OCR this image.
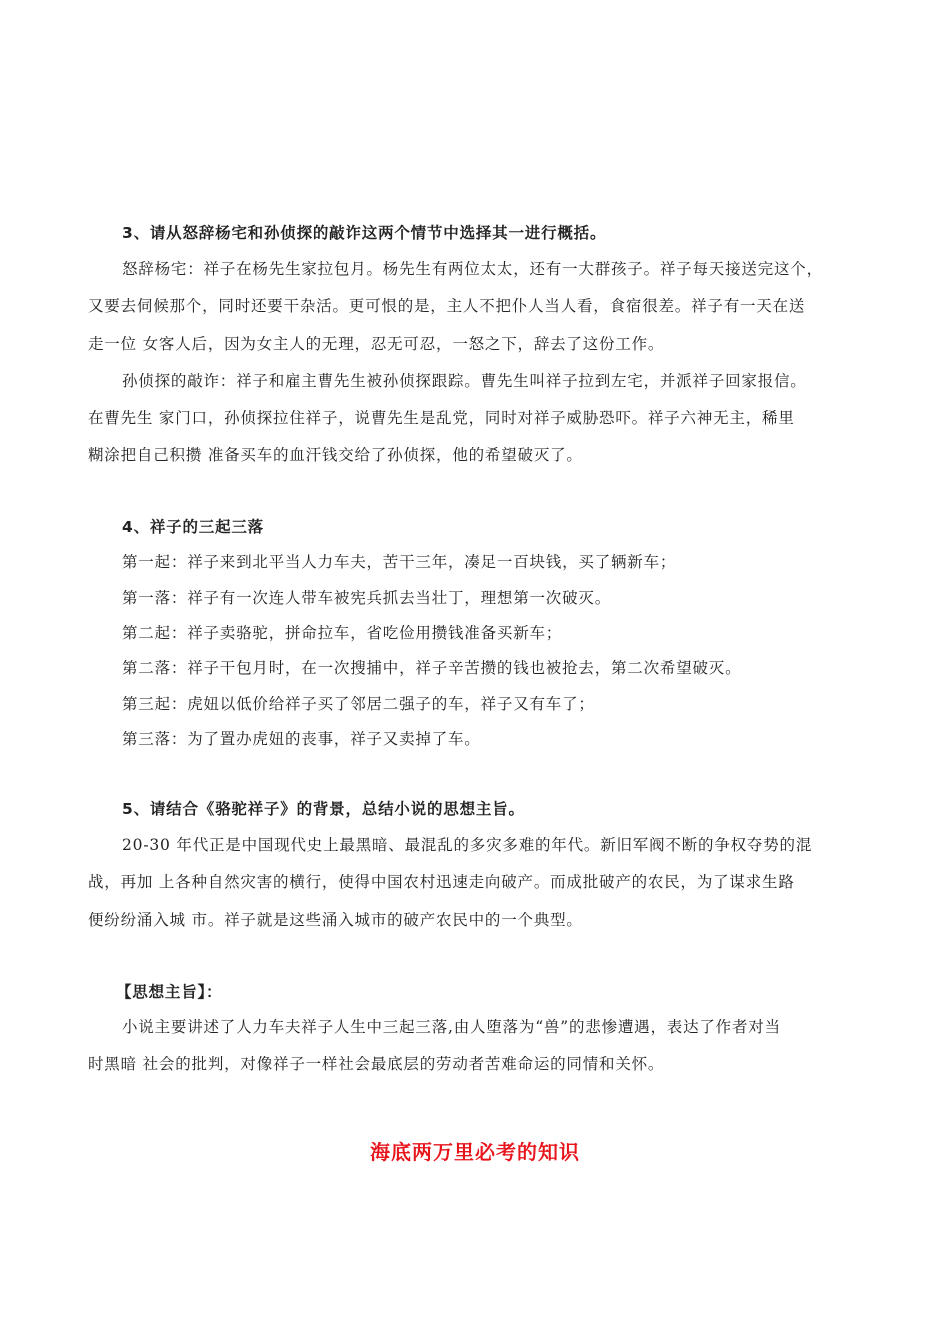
3、请从怒辞杨宅和孙侦探的敲诈这两个情节中选择其一进行概括。
怒辞杨宅：祥子在杨先生家拉包月。杨先生有两位太太，还有一大群孩子。祥子每天接送完这个，
又要去伺候那个，同时还要干杂活。更可恨的是，主人不把仆人当人看，食宿很差。祥子有一天在送
走一位 女客人后，因为女主人的无理，忍无可忍，一怒之下，辞去了这份工作。
孙侦探的敲诈：祥子和雇主曹先生被孙侦探跟踪。曹先生叫祥子拉到左宅，并派祥子回家报信。
在曹先生 家门口，孙侦探拉住祥子，说曹先生是乱党，同时对祥子威胁恐吓。祥子六神无主，稀里
糊涂把自己积攒 准备买车的血汗钱交给了孙侦探，他的希望破灭了。
4、祥子的三起三落
第一起：祥子来到北平当人力车夫，苦干三年，凑足一百块钱，买了辆新车；
第一落：祥子有一次连人带车被宪兵抓去当壮丁，理想第一次破灭。
第二起：祥子卖骆驼，拼命拉车，省吃俭用攒钱准备买新车；
第二落：祥子干包月时，在一次搜捕中，祥子辛苦攒的钱也被抢去，第二次希望破灭。
第三起：虎妞以低价给祥子买了邻居二强子的车，祥子又有车了；
第三落：为了置办虎妞的丧事，祥子又卖掉了车。
5、请结合《骆驼祥子》的背景，总结小说的思想主旨。
20-30 年代正是中国现代史上最黑暗、最混乱的多灾多难的年代。新旧军阀不断的争权夺势的混
战，再加 上各种自然灾害的横行，使得中国农村迅速走向破产。而成批破产的农民，为了谋求生路
便纷纷涌入城 市。祥子就是这些涌入城市的破产农民中的一个典型。
【思想主旨】：
小说主要讲述了人力车夫祥子人生中三起三落,由人堕落为“兽”的悲惨遭遇，表达了作者对当
时黑暗 社会的批判，对像祥子一样社会最底层的劳动者苦难命运的同情和关怀。
海底两万里必考的知识
